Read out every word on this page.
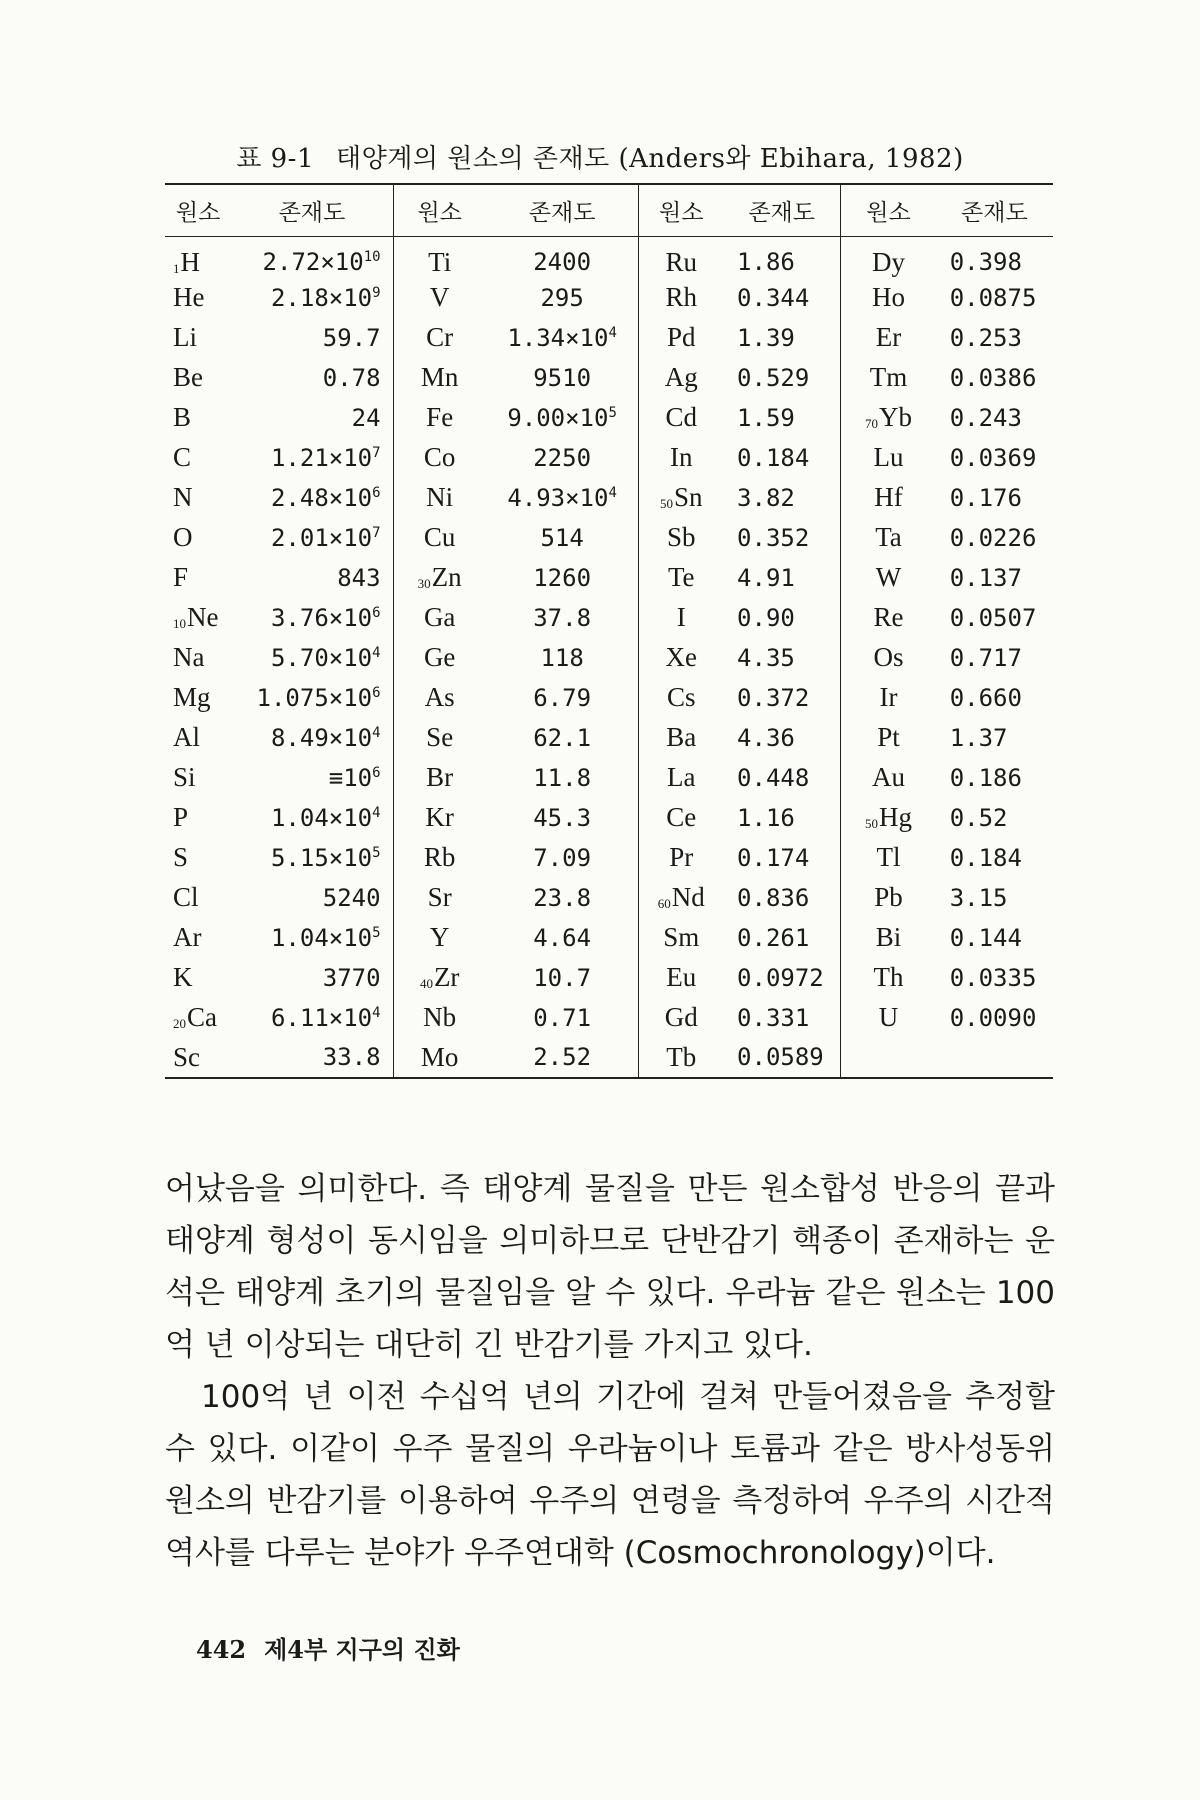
표 9-1 태양계의 원소의 존재도 (Anders와 Ebihara, 1982)
원소	존재도	원소	존재도	원소	존재도	원소	존재도
$_1$H	$2.72\times 10^{10}$	Ti	2400	Ru	1.86	Dy	0.398
He	$2.18\times 10^9$	V	295	Rh	0.344	Ho	0.0875
Li	59.7	Cr	$1.34\times 10^4$	Pd	1.39	Er	0.253
Be	0.78	Mn	9510	Ag	0.529	Tm	0.0386
B	24	Fe	$9.00\times 10^5$	Cd	1.59	$_{70}$Yb	0.243
C	$1.21\times 10^7$	Co	2250	In	0.184	Lu	0.0369
N	$2.48\times 10^6$	Ni	$4.93\times 10^4$	$_{50}$Sn	3.82	Hf	0.176
O	$2.01\times 10^7$	Cu	514	Sb	0.352	Ta	0.0226
F	843	$_{30}$Zn	1260	Te	4.91	W	0.137
$_{10}$Ne	$3.76\times 10^6$	Ga	37.8	I	0.90	Re	0.0507
Na	$5.70\times 10^4$	Ge	118	Xe	4.35	Os	0.717
Mg	$1.075\times 10^6$	As	6.79	Cs	0.372	Ir	0.660
Al	$8.49\times 10^4$	Se	62.1	Ba	4.36	Pt	1.37
Si	$\equiv 10^6$	Br	11.8	La	0.448	Au	0.186
P	$1.04\times 10^4$	Kr	45.3	Ce	1.16	$_{50}$Hg	0.52
S	$5.15\times 10^5$	Rb	7.09	Pr	0.174	Tl	0.184
Cl	5240	Sr	23.8	$_{60}$Nd	0.836	Pb	3.15
Ar	$1.04\times 10^5$	Y	4.64	Sm	0.261	Bi	0.144
K	3770	$_{40}$Zr	10.7	Eu	0.0972	Th	0.0335
$_{20}$Ca	$6.11\times 10^4$	Nb	0.71	Gd	0.331	U	0.0090
Sc	33.8	Mo	2.52	Tb	0.0589		

어났음을 의미한다. 즉 태양계 물질을 만든 원소합성 반응의 끝과 태양계 형성이 동시임을 의미하므로 단반감기 핵종이 존재하는 운석은 태양계 초기의 물질임을 알 수 있다. 우라늄 같은 원소는 100억 년 이상되는 대단히 긴 반감기를 가지고 있다.

100억 년 이전 수십억 년의 기간에 걸쳐 만들어졌음을 추정할 수 있다. 이같이 우주 물질의 우라늄이나 토륨과 같은 방사성동위원소의 반감기를 이용하여 우주의 연령을 측정하여 우주의 시간적 역사를 다루는 분야가 우주연대학 (Cosmochronology)이다.

442 제4부 지구의 진화
